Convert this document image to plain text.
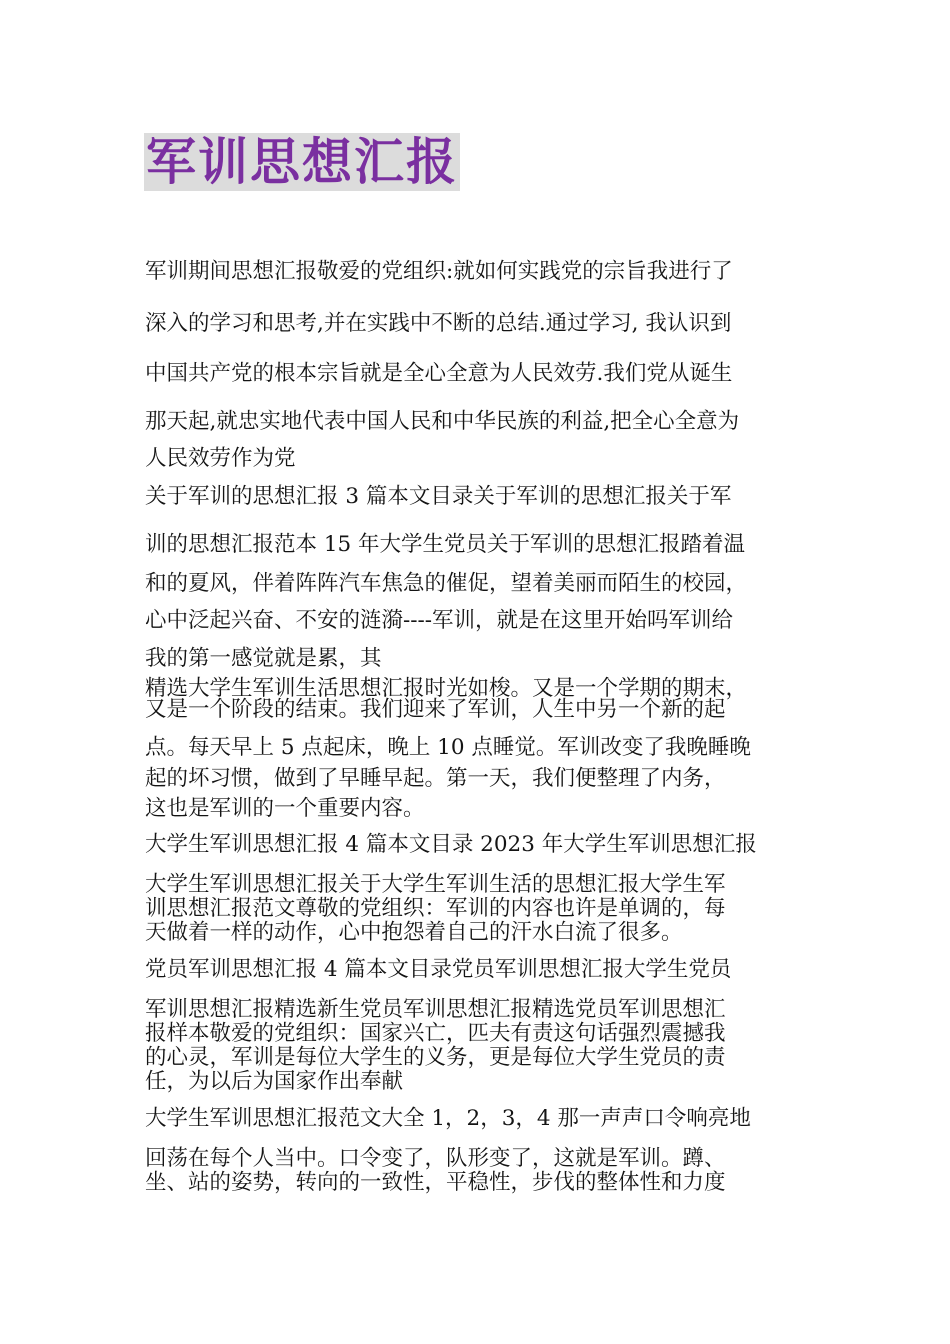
军训思想汇报
军训期间思想汇报敬爱的党组织:就如何实践党的宗旨我进行了
深入的学习和思考,并在实践中不断的总结.通过学习, 我认识到
中国共产党的根本宗旨就是全心全意为人民效劳.我们党从诞生
那天起,就忠实地代表中国人民和中华民族的利益,把全心全意为
人民效劳作为党
关于军训的思想汇报 3 篇本文目录关于军训的思想汇报关于军
训的思想汇报范本 15 年大学生党员关于军训的思想汇报踏着温
和的夏风，伴着阵阵汽车焦急的催促，望着美丽而陌生的校园，
心中泛起兴奋、不安的涟漪----军训，就是在这里开始吗军训给
我的第一感觉就是累，其
精选大学生军训生活思想汇报时光如梭。又是一个学期的期末，
又是一个阶段的结束。我们迎来了军训，人生中另一个新的起
点。每天早上 5 点起床，晚上 10 点睡觉。军训改变了我晚睡晚
起的坏习惯，做到了早睡早起。第一天，我们便整理了内务，
这也是军训的一个重要内容。
大学生军训思想汇报 4 篇本文目录 2023 年大学生军训思想汇报
大学生军训思想汇报关于大学生军训生活的思想汇报大学生军
训思想汇报范文尊敬的党组织：军训的内容也许是单调的，每
天做着一样的动作，心中抱怨着自己的汗水白流了很多。
党员军训思想汇报 4 篇本文目录党员军训思想汇报大学生党员
军训思想汇报精选新生党员军训思想汇报精选党员军训思想汇
报样本敬爱的党组织：国家兴亡，匹夫有责这句话强烈震撼我
的心灵，军训是每位大学生的义务，更是每位大学生党员的责
任，为以后为国家作出奉献
大学生军训思想汇报范文大全 1，2，3，4 那一声声口令响亮地
回荡在每个人当中。口令变了，队形变了，这就是军训。蹲、
坐、站的姿势，转向的一致性，平稳性，步伐的整体性和力度
